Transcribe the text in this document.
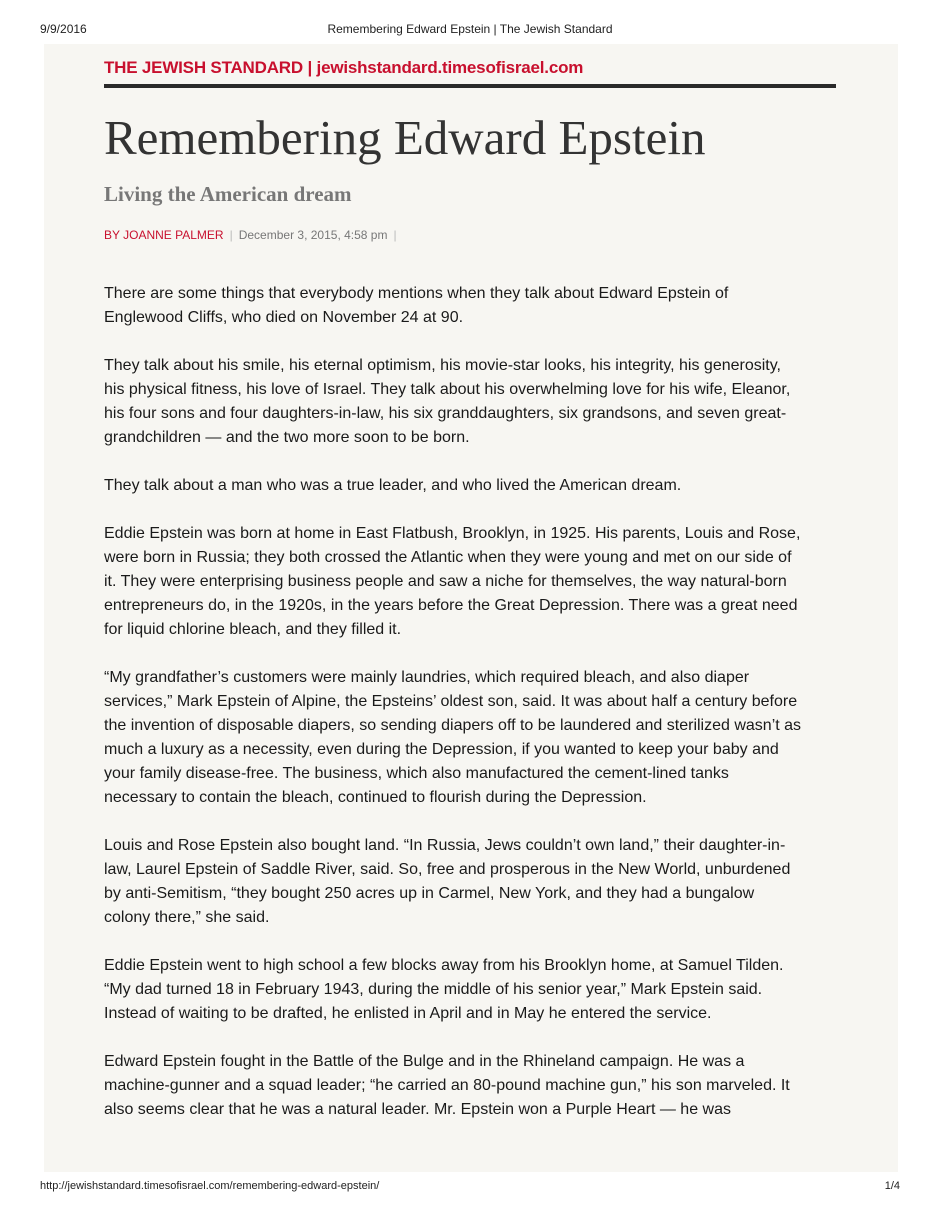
9/9/2016	Remembering Edward Epstein | The Jewish Standard
THE JEWISH STANDARD | jewishstandard.timesofisrael.com
Remembering Edward Epstein
Living the American dream
BY JOANNE PALMER | December 3, 2015, 4:58 pm |

There are some things that everybody mentions when they talk about Edward Epstein of Englewood Cliffs, who died on November 24 at 90.

They talk about his smile, his eternal optimism, his movie-star looks, his integrity, his generosity, his physical fitness, his love of Israel. They talk about his overwhelming love for his wife, Eleanor, his four sons and four daughters-in-law, his six granddaughters, six grandsons, and seven great-grandchildren — and the two more soon to be born.

They talk about a man who was a true leader, and who lived the American dream.

Eddie Epstein was born at home in East Flatbush, Brooklyn, in 1925. His parents, Louis and Rose, were born in Russia; they both crossed the Atlantic when they were young and met on our side of it. They were enterprising business people and saw a niche for themselves, the way natural-born entrepreneurs do, in the 1920s, in the years before the Great Depression. There was a great need for liquid chlorine bleach, and they filled it.

“My grandfather’s customers were mainly laundries, which required bleach, and also diaper services,” Mark Epstein of Alpine, the Epsteins’ oldest son, said. It was about half a century before the invention of disposable diapers, so sending diapers off to be laundered and sterilized wasn’t as much a luxury as a necessity, even during the Depression, if you wanted to keep your baby and your family disease-free. The business, which also manufactured the cement-lined tanks necessary to contain the bleach, continued to flourish during the Depression.

Louis and Rose Epstein also bought land. “In Russia, Jews couldn’t own land,” their daughter-in-law, Laurel Epstein of Saddle River, said. So, free and prosperous in the New World, unburdened by anti-Semitism, “they bought 250 acres up in Carmel, New York, and they had a bungalow colony there,” she said.

Eddie Epstein went to high school a few blocks away from his Brooklyn home, at Samuel Tilden. “My dad turned 18 in February 1943, during the middle of his senior year,” Mark Epstein said. Instead of waiting to be drafted, he enlisted in April and in May he entered the service.

Edward Epstein fought in the Battle of the Bulge and in the Rhineland campaign. He was a machine-gunner and a squad leader; “he carried an 80-pound machine gun,” his son marveled. It also seems clear that he was a natural leader. Mr. Epstein won a Purple Heart — he was

http://jewishstandard.timesofisrael.com/remembering-edward-epstein/	1/4
